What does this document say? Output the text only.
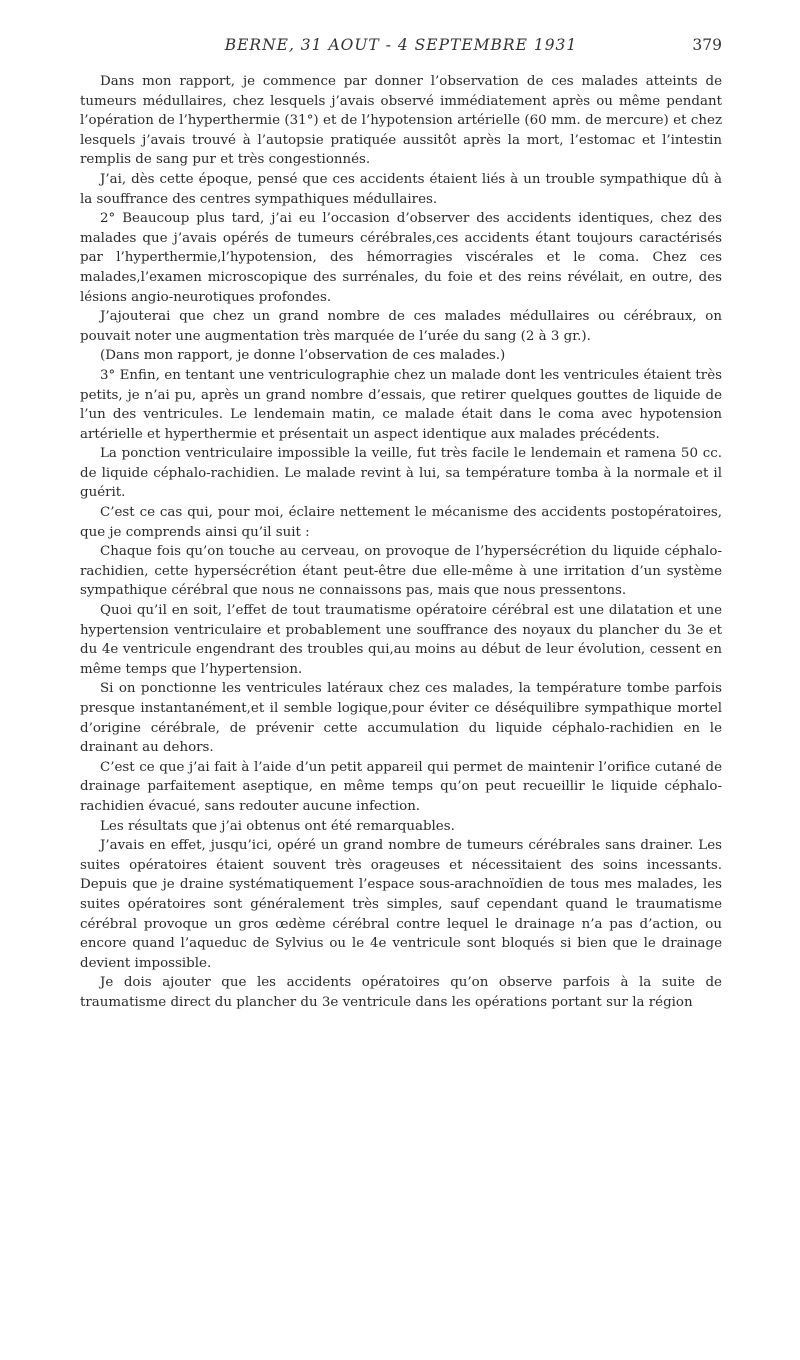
BERNE, 31 AOUT - 4 SEPTEMBRE 1931	379

Dans mon rapport, je commence par donner l’observation de ces malades atteints de tumeurs médullaires, chez lesquels j’avais observé immédiatement après ou même pendant l’opération de l’hyperthermie (31°) et de l’hypotension artérielle (60 mm. de mercure) et chez lesquels j’avais trouvé à l’autopsie pratiquée aussitôt après la mort, l’estomac et l’intestin remplis de sang pur et très congestionnés.

J’ai, dès cette époque, pensé que ces accidents étaient liés à un trouble sympathique dû à la souffrance des centres sympathiques médullaires.

2° Beaucoup plus tard, j’ai eu l’occasion d’observer des accidents identiques, chez des malades que j’avais opérés de tumeurs cérébrales,ces accidents étant toujours caractérisés par l’hyperthermie,l’hypotension, des hémorragies viscérales et le coma. Chez ces malades,l’examen microscopique des surrénales, du foie et des reins révélait, en outre, des lésions angio-neurotiques profondes.

J’ajouterai que chez un grand nombre de ces malades médullaires ou cérébraux, on pouvait noter une augmentation très marquée de l’urée du sang (2 à 3 gr.).

(Dans mon rapport, je donne l’observation de ces malades.)

3° Enfin, en tentant une ventriculographie chez un malade dont les ventricules étaient très petits, je n’ai pu, après un grand nombre d’essais, que retirer quelques gouttes de liquide de l’un des ventricules. Le lendemain matin, ce malade était dans le coma avec hypotension artérielle et hyperthermie et présentait un aspect identique aux malades précédents.

La ponction ventriculaire impossible la veille, fut très facile le lendemain et ramena 50 cc. de liquide céphalo-rachidien. Le malade revint à lui, sa température tomba à la normale et il guérit.

C’est ce cas qui, pour moi, éclaire nettement le mécanisme des accidents postopératoires, que je comprends ainsi qu’il suit :

Chaque fois qu’on touche au cerveau, on provoque de l’hypersécrétion du liquide céphalo-rachidien, cette hypersécrétion étant peut-être due elle-même à une irritation d’un système sympathique cérébral que nous ne connaissons pas, mais que nous pressentons.

Quoi qu’il en soit, l’effet de tout traumatisme opératoire cérébral est une dilatation et une hypertension ventriculaire et probablement une souffrance des noyaux du plancher du 3e et du 4e ventricule engendrant des troubles qui,au moins au début de leur évolution, cessent en même temps que l’hypertension.

Si on ponctionne les ventricules latéraux chez ces malades, la température tombe parfois presque instantanément,et il semble logique,pour éviter ce déséquilibre sympathique mortel d’origine cérébrale, de prévenir cette accumulation du liquide céphalo-rachidien en le drainant au dehors.

C’est ce que j’ai fait à l’aide d’un petit appareil qui permet de maintenir l’orifice cutané de drainage parfaitement aseptique, en même temps qu’on peut recueillir le liquide céphalo-rachidien évacué, sans redouter aucune infection.

Les résultats que j’ai obtenus ont été remarquables.

J’avais en effet, jusqu’ici, opéré un grand nombre de tumeurs cérébrales sans drainer. Les suites opératoires étaient souvent très orageuses et nécessitaient des soins incessants. Depuis que je draine systématiquement l’espace sous-arachnoïdien de tous mes malades, les suites opératoires sont généralement très simples, sauf cependant quand le traumatisme cérébral provoque un gros œdème cérébral contre lequel le drainage n’a pas d’action, ou encore quand l’aqueduc de Sylvius ou le 4e ventricule sont bloqués si bien que le drainage devient impossible.

Je dois ajouter que les accidents opératoires qu’on observe parfois à la suite de traumatisme direct du plancher du 3e ventricule dans les opérations portant sur la région
